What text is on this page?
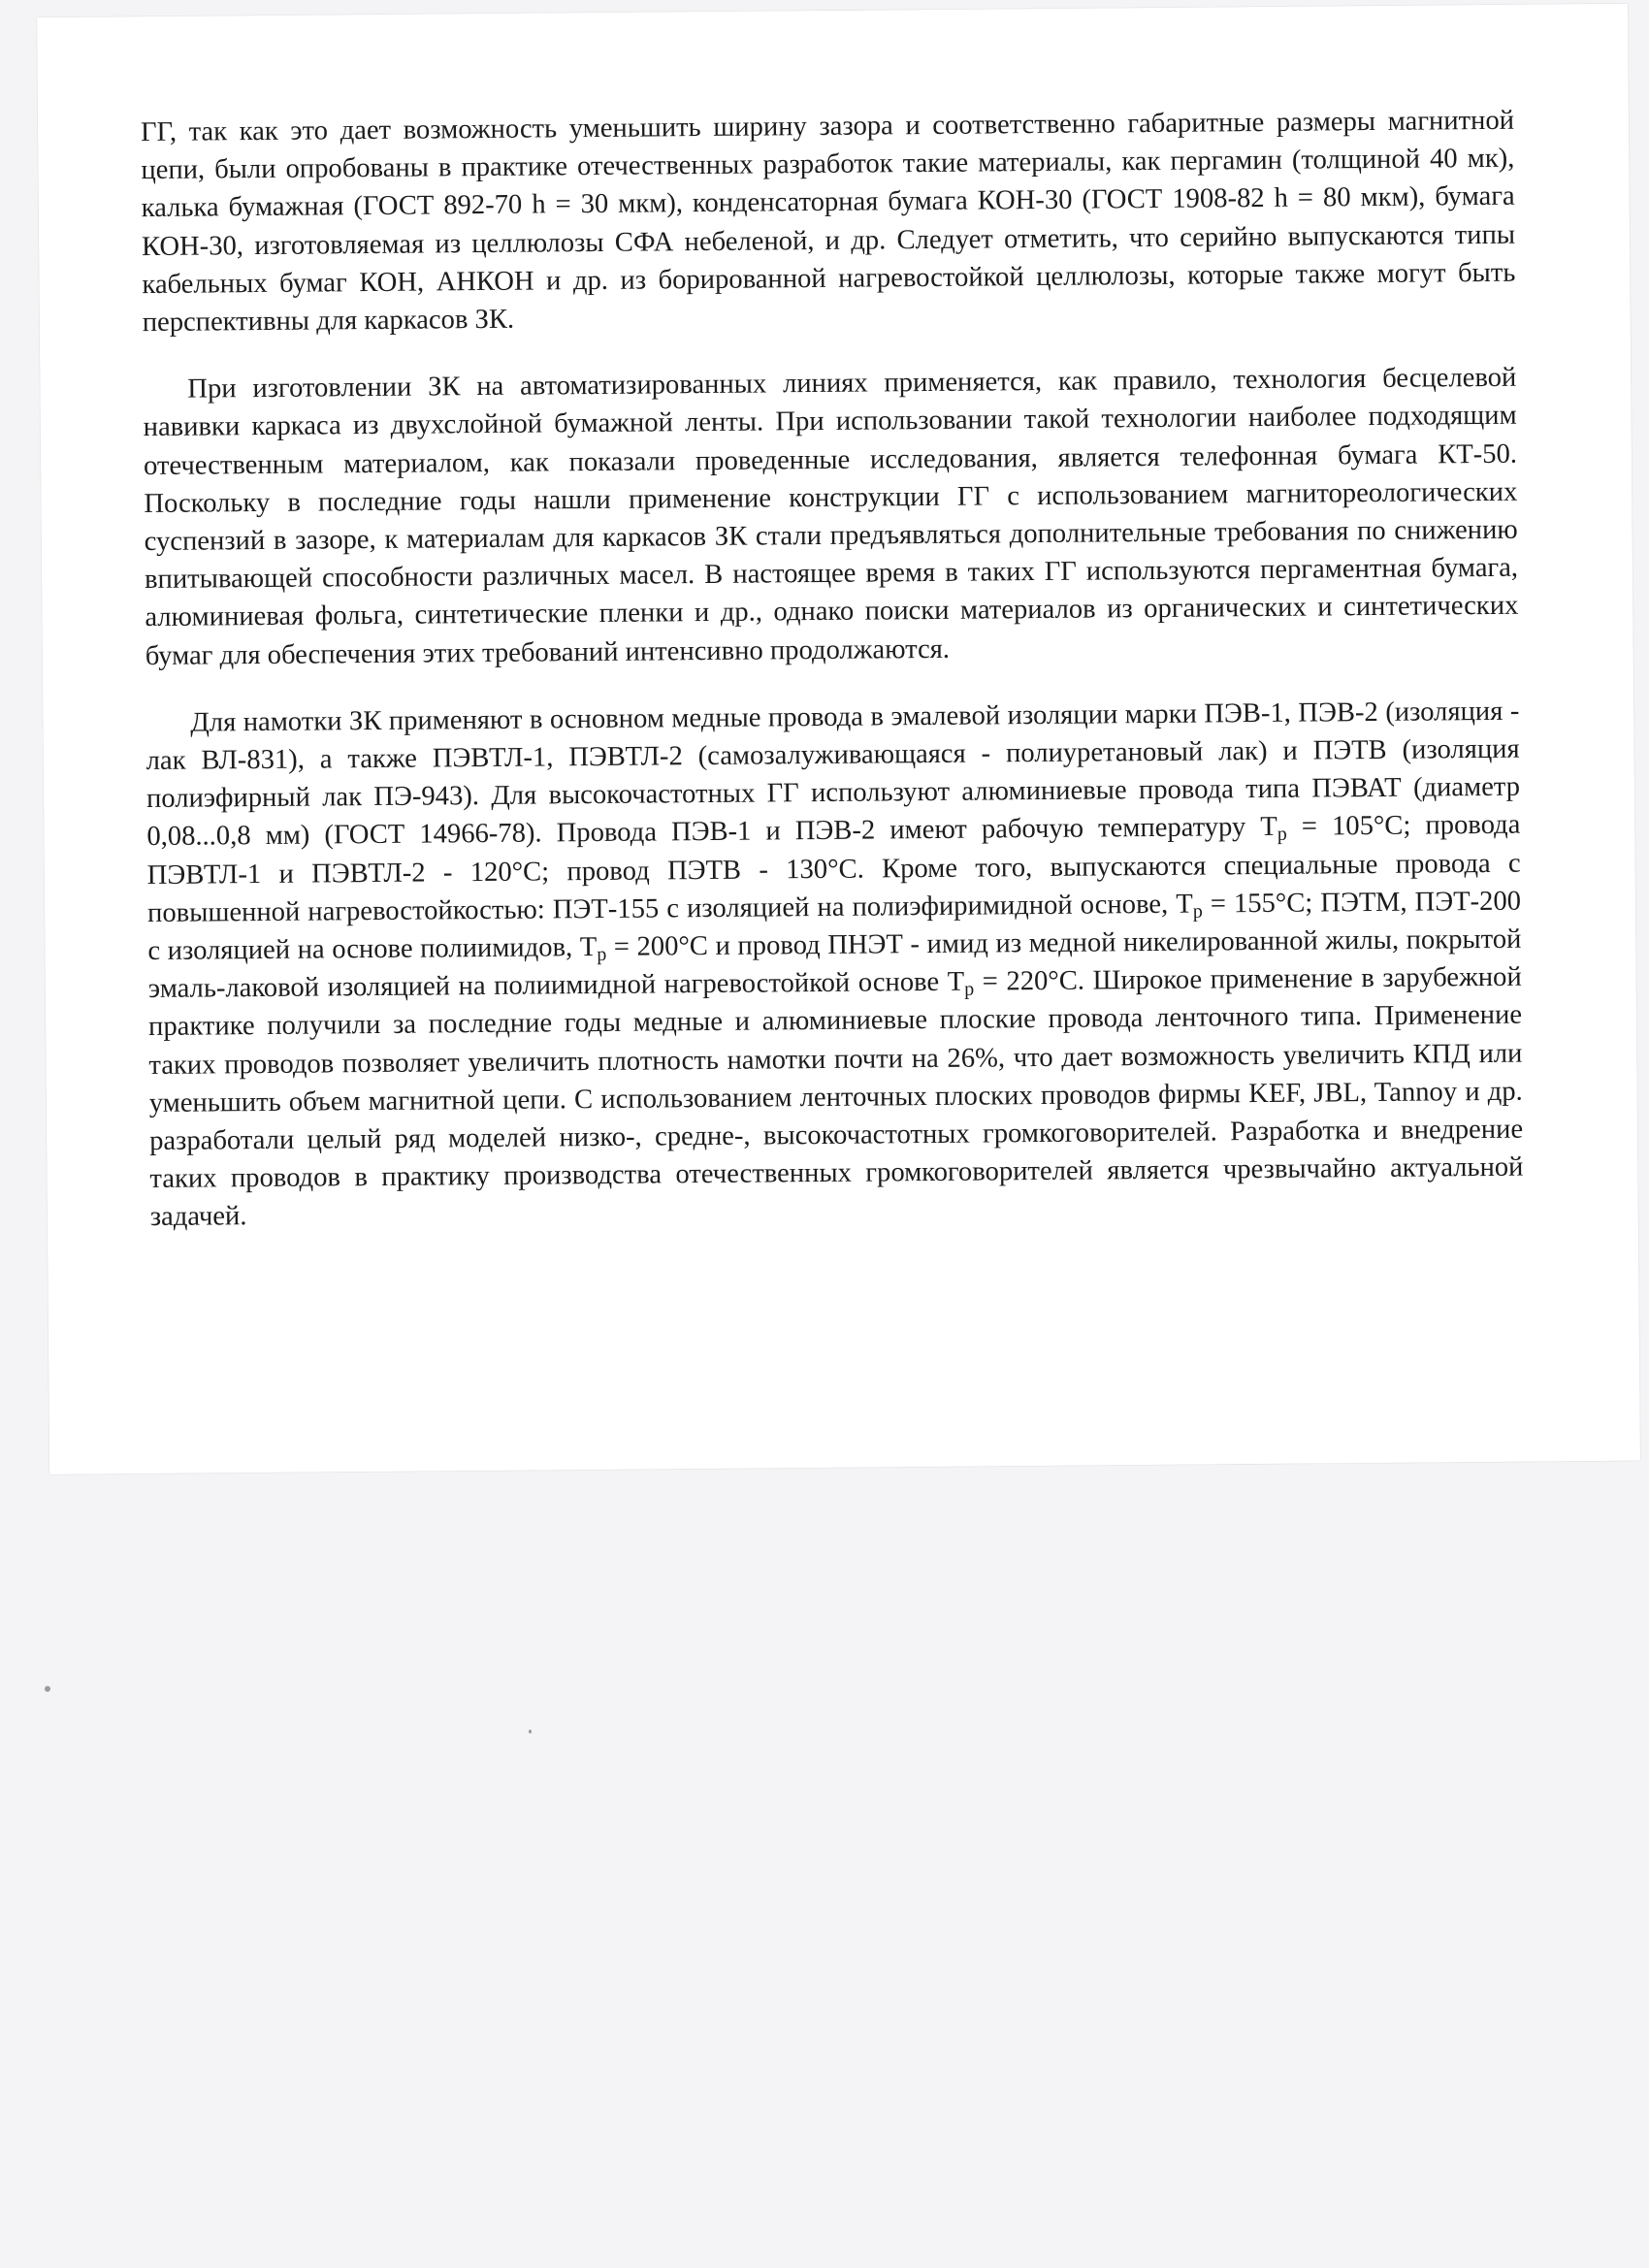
ГГ, так как это дает возможность уменьшить ширину зазора и соответственно габаритные размеры магнитной цепи, были опробованы в практике отечественных разработок такие материалы, как пергамин (толщиной 40 мк), калька бумажная (ГОСТ 892-70 h = 30 мкм), конденсаторная бумага КОН-30 (ГОСТ 1908-82 h = 80 мкм), бумага КОН-30, изготовляемая из целлюлозы СФА небеленой, и др. Следует отметить, что серийно выпускаются типы кабельных бумаг КОН, АНКОН и др. из борированной нагревостойкой целлюлозы, которые также могут быть перспективны для каркасов ЗК.

При изготовлении ЗК на автоматизированных линиях применяется, как правило, технология бесцелевой навивки каркаса из двухслойной бумажной ленты. При использовании такой технологии наиболее подходящим отечественным материалом, как показали проведенные исследования, является телефонная бумага КТ-50. Поскольку в последние годы нашли применение конструкции ГГ с использованием магнитореологических суспензий в зазоре, к материалам для каркасов ЗК стали предъявляться дополнительные требования по снижению впитывающей способности различных масел. В настоящее время в таких ГГ используются пергаментная бумага, алюминиевая фольга, синтетические пленки и др., однако поиски материалов из органических и синтетических бумаг для обеспечения этих требований интенсивно продолжаются.

Для намотки ЗК применяют в основном медные провода в эмалевой изоляции марки ПЭВ-1, ПЭВ-2 (изоляция - лак ВЛ-831), а также ПЭВТЛ-1, ПЭВТЛ-2 (самозалуживающаяся - полиуретановый лак) и ПЭТВ (изоляция полиэфирный лак ПЭ-943). Для высокочастотных ГГ используют алюминиевые провода типа ПЭВАТ (диаметр 0,08...0,8 мм) (ГОСТ 14966-78). Провода ПЭВ-1 и ПЭВ-2 имеют рабочую температуру $Т_р = 105^\circ С$; провода ПЭВТЛ-1 и ПЭВТЛ-2 - 120°С; провод ПЭТВ - 130°С. Кроме того, выпускаются специальные провода с повышенной нагревостойкостью: ПЭТ-155 с изоляцией на полиэфиримидной основе, $Т_р = 155^\circ С$; ПЭТМ, ПЭТ-200 с изоляцией на основе полиимидов, $Т_р = 200^\circ С$ и провод ПНЭТ - имид из медной никелированной жилы, покрытой эмаль-лаковой изоляцией на полиимидной нагревостойкой основе $Т_р = 220^\circ С$. Широкое применение в зарубежной практике получили за последние годы медные и алюминиевые плоские провода ленточного типа. Применение таких проводов позволяет увеличить плотность намотки почти на 26%, что дает возможность увеличить КПД или уменьшить объем магнитной цепи. С использованием ленточных плоских проводов фирмы KEF, JBL, Tannoy и др. разработали целый ряд моделей низко-, средне-, высокочастотных громкоговорителей. Разработка и внедрение таких проводов в практику производства отечественных громкоговорителей является чрезвычайно актуальной задачей.
